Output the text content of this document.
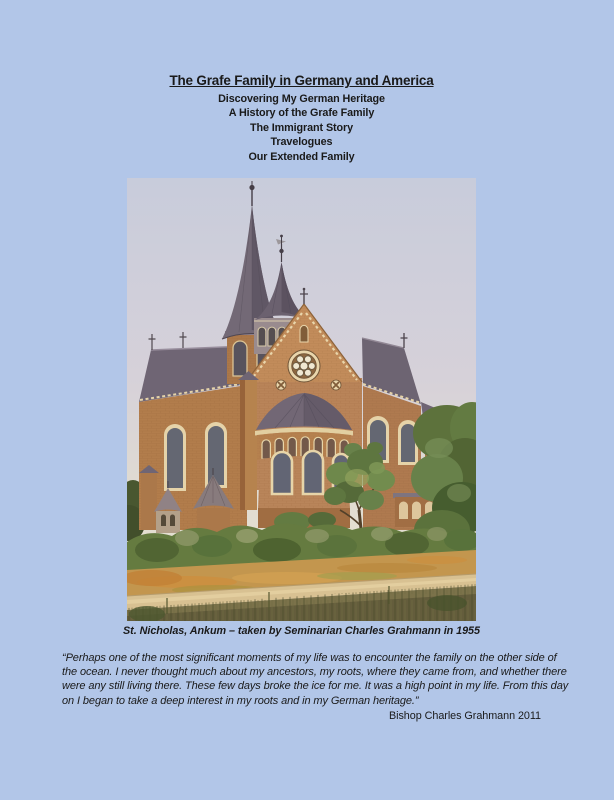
The Grafe Family in Germany and America
Discovering My German Heritage
A History of the Grafe Family
The Immigrant Story
Travelogues
Our Extended Family
St. Nicholas, Ankum – taken by Seminarian Charles Grahmann in 1955
“Perhaps one of the most significant moments of my life was to encounter the family on the other side of
the ocean. I never thought much about my ancestors, my roots, where they came from, and whether there
were any still living there. These few days broke the ice for me. It was a high point in my life. From this day
on I began to take a deep interest in my roots and in my German heritage.”
Bishop Charles Grahmann 2011
